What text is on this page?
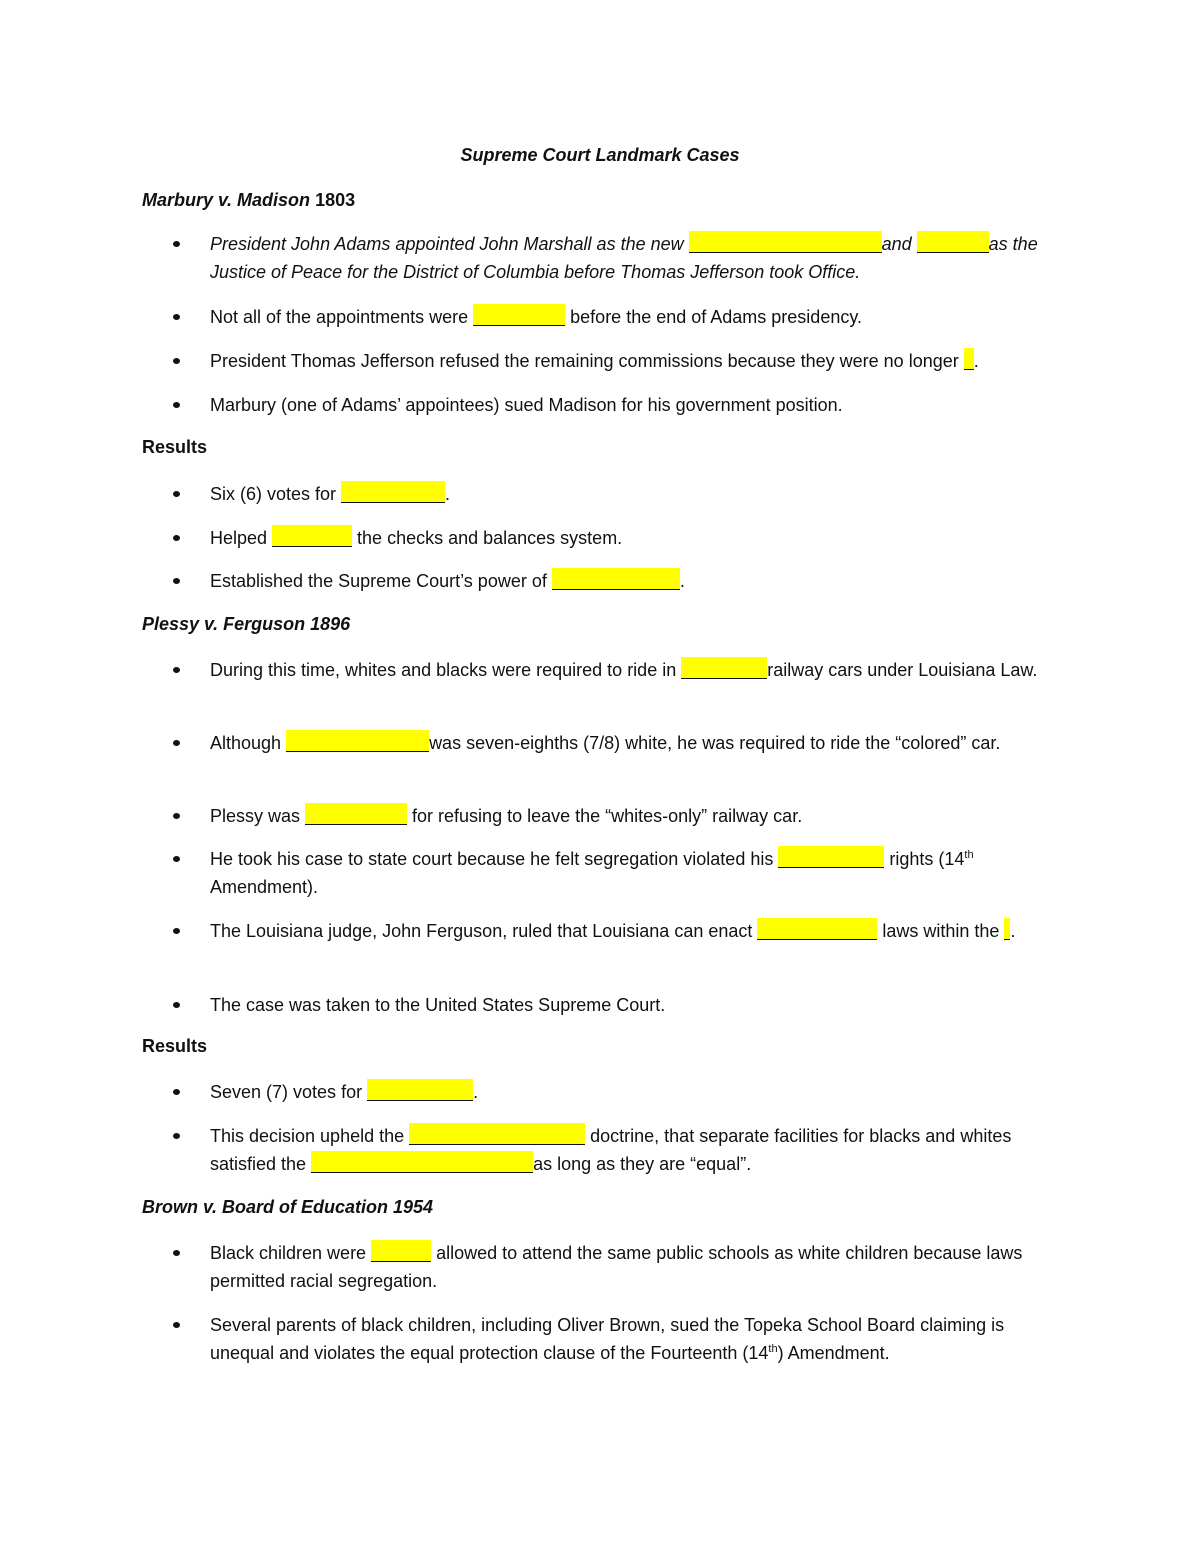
Supreme Court Landmark Cases
Marbury v. Madison 1803
President John Adams appointed John Marshall as the new	and	as the Justice of Peace for the District of Columbia before Thomas Jefferson took Office.
Not all of the appointments were	before the end of Adams presidency.
President Thomas Jefferson refused the remaining commissions because they were no longer .
Marbury (one of Adams’ appointees) sued Madison for his government position.
Results
Six (6) votes for	.
Helped	the checks and balances system.
Established the Supreme Court’s power of	.
Plessy v. Ferguson 1896
During this time, whites and blacks were required to ride in	railway cars under Louisiana Law.
Although	was seven-eighths (7/8) white, he was required to ride the “colored” car.
Plessy was	for refusing to leave the “whites-only” railway car.
He took his case to state court because he felt segregation violated his	rights (14th Amendment).
The Louisiana judge, John Ferguson, ruled that Louisiana can enact	laws within the .
The case was taken to the United States Supreme Court.
Results
Seven (7) votes for	.
This decision upheld the	doctrine, that separate facilities for blacks and whites satisfied the	as long as they are “equal”.
Brown v. Board of Education 1954
Black children were	allowed to attend the same public schools as white children because laws permitted racial segregation.
Several parents of black children, including Oliver Brown, sued the Topeka School Board claiming is unequal and violates the equal protection clause of the Fourteenth (14th) Amendment.
